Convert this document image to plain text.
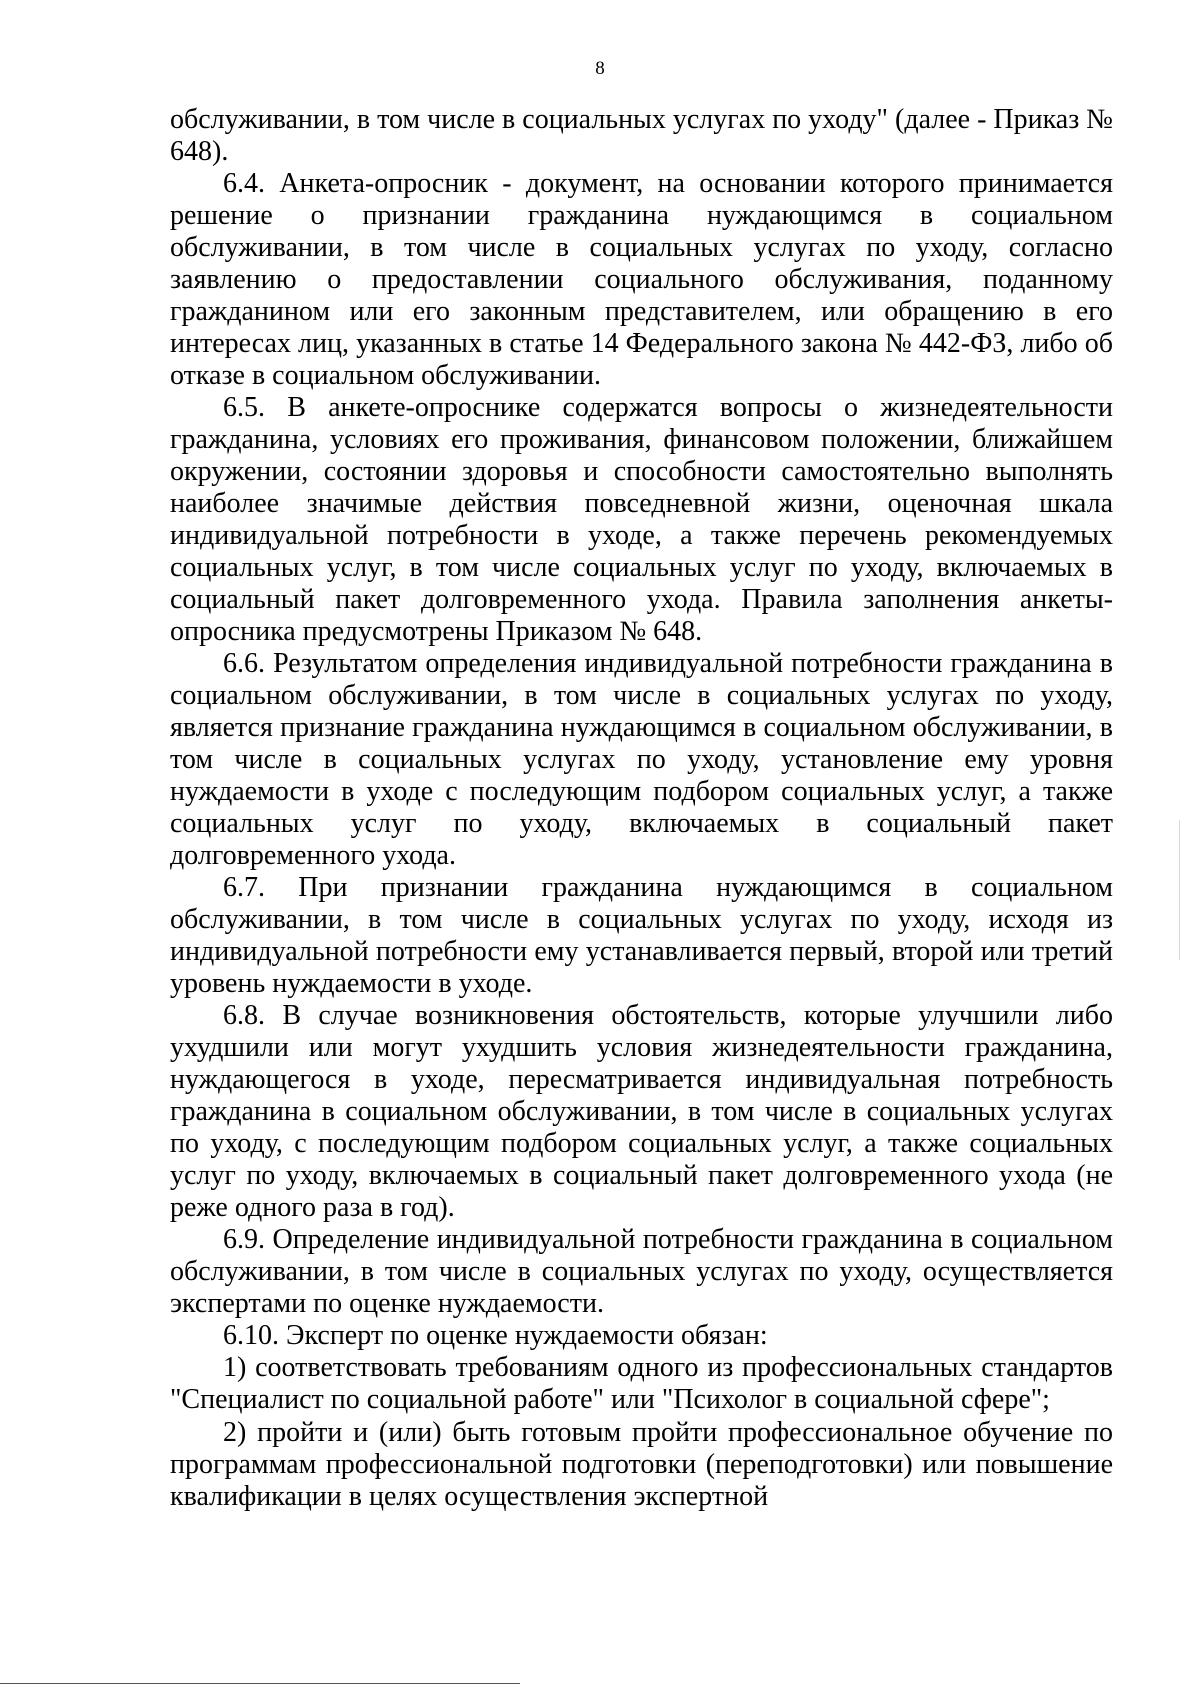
8

обслуживании, в том числе в социальных услугах по уходу" (далее - Приказ № 648).

6.4. Анкета-опросник - документ, на основании которого принимается решение о признании гражданина нуждающимся в социальном обслуживании, в том числе в социальных услугах по уходу, согласно заявлению о предоставлении социального обслуживания, поданному гражданином или его законным представителем, или обращению в его интересах лиц, указанных в статье 14 Федерального закона № 442-ФЗ, либо об отказе в социальном обслуживании.

6.5. В анкете-опроснике содержатся вопросы о жизнедеятельности гражданина, условиях его проживания, финансовом положении, ближайшем окружении, состоянии здоровья и способности самостоятельно выполнять наиболее значимые действия повседневной жизни, оценочная шкала индивидуальной потребности в уходе, а также перечень рекомендуемых социальных услуг, в том числе социальных услуг по уходу, включаемых в социальный пакет долговременного ухода. Правила заполнения анкеты-опросника предусмотрены Приказом № 648.

6.6. Результатом определения индивидуальной потребности гражданина в социальном обслуживании, в том числе в социальных услугах по уходу, является признание гражданина нуждающимся в социальном обслуживании, в том числе в социальных услугах по уходу, установление ему уровня нуждаемости в уходе с последующим подбором социальных услуг, а также социальных услуг по уходу, включаемых в социальный пакет долговременного ухода.

6.7. При признании гражданина нуждающимся в социальном обслуживании, в том числе в социальных услугах по уходу, исходя из индивидуальной потребности ему устанавливается первый, второй или третий уровень нуждаемости в уходе.

6.8. В случае возникновения обстоятельств, которые улучшили либо ухудшили или могут ухудшить условия жизнедеятельности гражданина, нуждающегося в уходе, пересматривается индивидуальная потребность гражданина в социальном обслуживании, в том числе в социальных услугах по уходу, с последующим подбором социальных услуг, а также социальных услуг по уходу, включаемых в социальный пакет долговременного ухода (не реже одного раза в год).

6.9. Определение индивидуальной потребности гражданина в социальном обслуживании, в том числе в социальных услугах по уходу, осуществляется экспертами по оценке нуждаемости.

6.10. Эксперт по оценке нуждаемости обязан:

1) соответствовать требованиям одного из профессиональных стандартов "Специалист по социальной работе" или "Психолог в социальной сфере";

2) пройти и (или) быть готовым пройти профессиональное обучение по программам профессиональной подготовки (переподготовки) или повышение квалификации в целях осуществления экспертной
